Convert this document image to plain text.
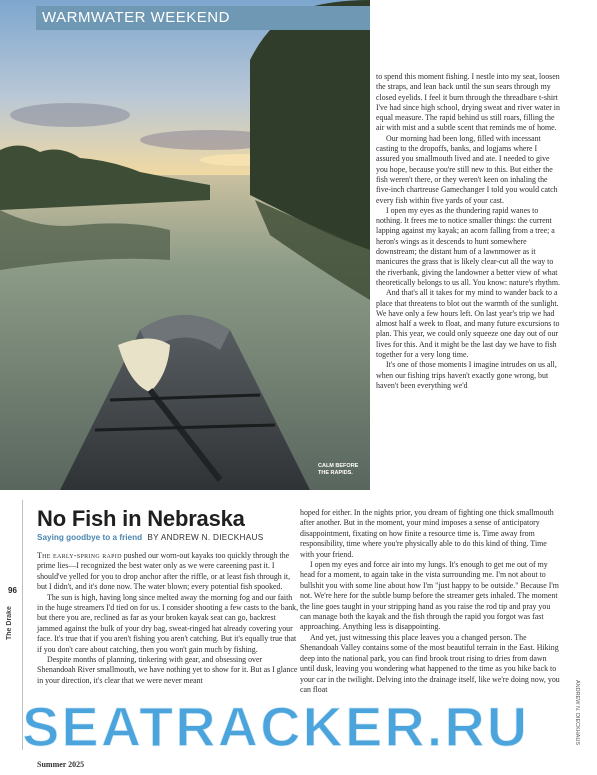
WARMWATER WEEKEND
CALM BEFORE THE RAPIDS.

to spend this moment fishing. I nestle into my seat, loosen the straps, and lean back until the sun sears through my closed eyelids. I feel it burn through the threadbare t-shirt I've had since high school, drying sweat and river water in equal measure. The rapid behind us still roars, filling the air with mist and a subtle scent that reminds me of home.

Our morning had been long, filled with incessant casting to the dropoffs, banks, and logjams where I assured you smallmouth lived and ate. I needed to give you hope, because you're still new to this. But either the fish weren't there, or they weren't keen on inhaling the five-inch chartreuse Gamechanger I told you would catch every fish within five yards of your cast.

I open my eyes as the thundering rapid wanes to nothing. It frees me to notice smaller things: the current lapping against my kayak; an acorn falling from a tree; a heron's wings as it descends to hunt somewhere downstream; the distant hum of a lawnmower as it manicures the grass that is likely clear-cut all the way to the riverbank, giving the landowner a better view of what theoretically belongs to us all. You know: nature's rhythm.

And that's all it takes for my mind to wander back to a place that threatens to blot out the warmth of the sunlight. We have only a few hours left. On last year's trip we had almost half a week to float, and many future excursions to plan. This year, we could only squeeze one day out of our lives for this. And it might be the last day we have to fish together for a very long time.

It's one of those moments I imagine intrudes on us all, when our fishing trips haven't exactly gone wrong, but haven't been everything we'd

No Fish in Nebraska
Saying goodbye to a friend BY ANDREW N. DIECKHAUS

The early-spring rapid pushed our worn-out kayaks too quickly through the prime lies—I recognized the best water only as we were careening past it. I should've yelled for you to drop anchor after the riffle, or at least fish through it, but I didn't, and it's done now. The water blown; every potential fish spooked.

The sun is high, having long since melted away the morning fog and our faith in the huge streamers I'd tied on for us. I consider shooting a few casts to the bank, but there you are, reclined as far as your broken kayak seat can go, backrest jammed against the bulk of your dry bag, sweat-ringed hat already covering your face. It's true that if you aren't fishing you aren't catching. But it's equally true that if you don't care about catching, then you won't gain much by fishing.

Despite months of planning, tinkering with gear, and obsessing over Shenandoah River smallmouth, we have nothing yet to show for it. But as I glance in your direction, it's clear that we were never meant

hoped for either. In the nights prior, you dream of fighting one thick smallmouth after another. But in the moment, your mind imposes a sense of anticipatory disappointment, fixating on how finite a resource time is. Time away from responsibility, time where you're physically able to do this kind of thing. Time with your friend.

I open my eyes and force air into my lungs. It's enough to get me out of my head for a moment, to again take in the vista surrounding me. I'm not about to bullshit you with some line about how I'm "just happy to be outside." Because I'm not. We're here for the subtle bump before the streamer gets inhaled. The moment the line goes taught in your stripping hand as you raise the rod tip and pray you can manage both the kayak and the fish through the rapid you forgot was fast approaching. Anything less is disappointing.

And yet, just witnessing this place leaves you a changed person. The Shenandoah Valley contains some of the most beautiful terrain in the East. Hiking deep into the national park, you can find brook trout rising to dries from dawn until dusk, leaving you wondering what happened to the time as you hike back to your car in the twilight. Delving into the drainage itself, like we're doing now, you can float

The Drake
96
ANDREW N. DIECKHAUS
Summer 2025
SEATRACKER.RU
